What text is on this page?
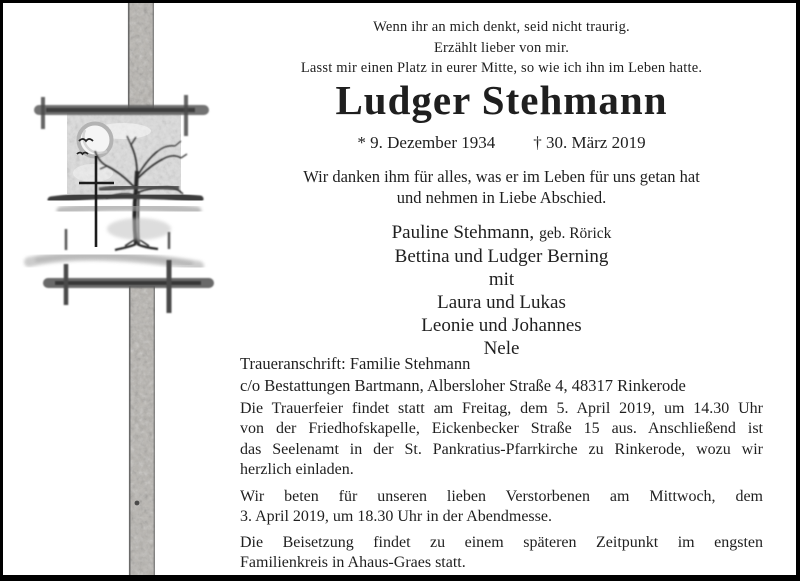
Wenn ihr an mich denkt, seid nicht traurig.
Erzählt lieber von mir.
Lasst mir einen Platz in eurer Mitte, so wie ich ihn im Leben hatte.
Ludger Stehmann
* 9. Dezember 1934 † 30. März 2019
Wir danken ihm für alles, was er im Leben für uns getan hat
und nehmen in Liebe Abschied.
Pauline Stehmann, geb. Rörick
Bettina und Ludger Berning
mit
Laura und Lukas
Leonie und Johannes
Nele
Traueranschrift: Familie Stehmann
c/o Bestattungen Bartmann, Albersloher Straße 4, 48317 Rinkerode
Die Trauerfeier findet statt am Freitag, dem 5. April 2019, um 14.30 Uhr
von der Friedhofskapelle, Eickenbecker Straße 15 aus. Anschließend ist
das Seelenamt in der St. Pankratius-Pfarrkirche zu Rinkerode, wozu wir
herzlich einladen.
Wir beten für unseren lieben Verstorbenen am Mittwoch, dem
3. April 2019, um 18.30 Uhr in der Abendmesse.
Die Beisetzung findet zu einem späteren Zeitpunkt im engsten
Familienkreis in Ahaus-Graes statt.
